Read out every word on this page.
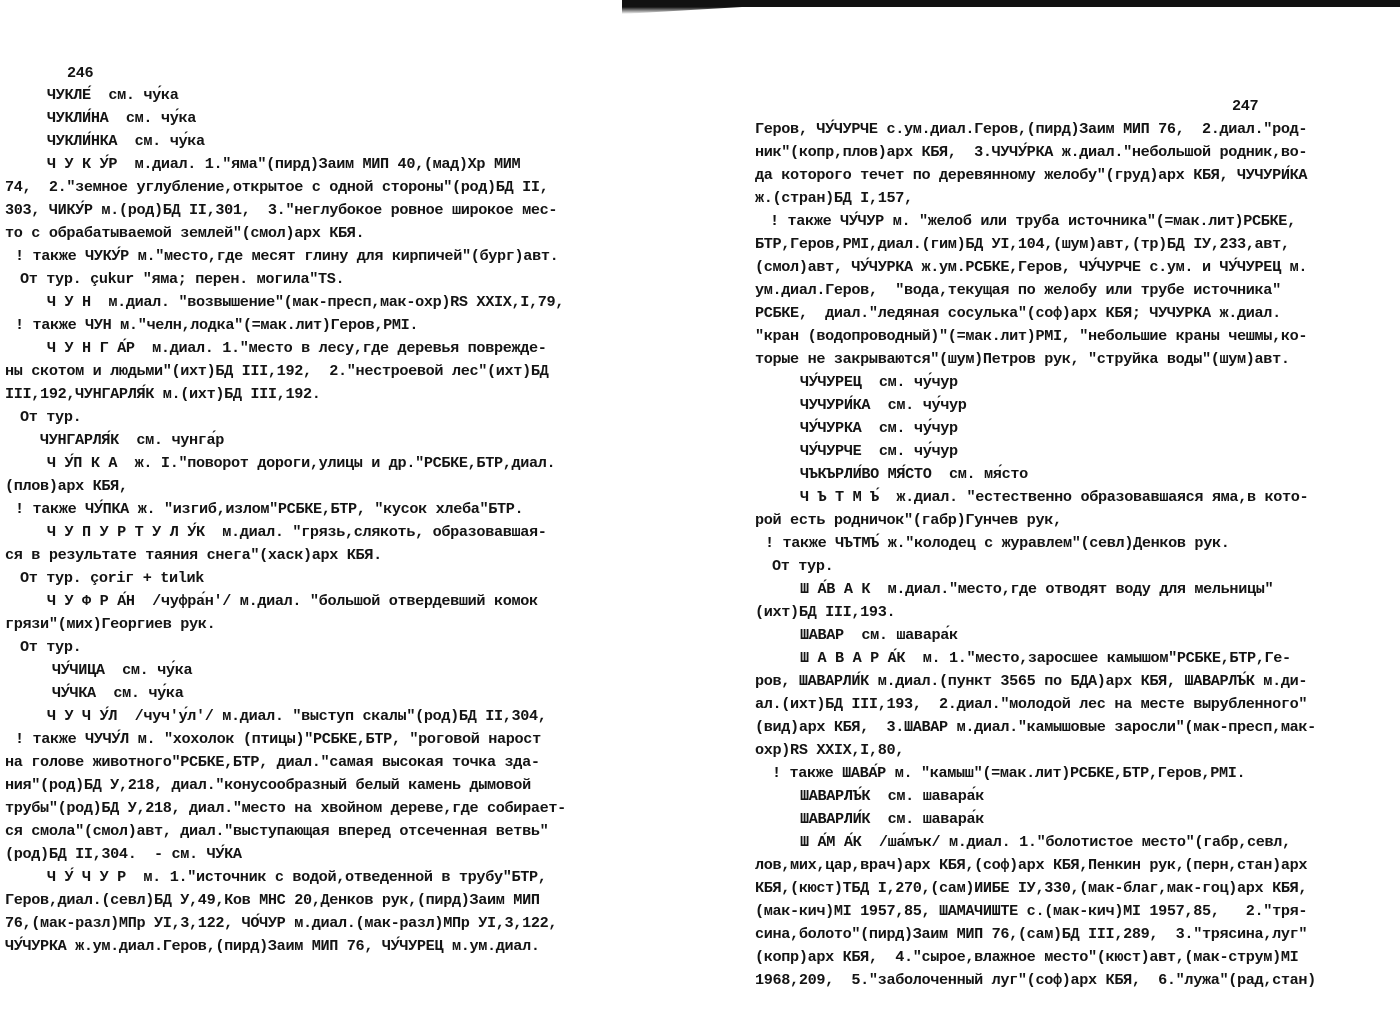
246

ЧУКЛЕ́  см. чу́ка

ЧУКЛИ́НА  см. чу́ка

ЧУКЛИ́НКА  см. чу́ка

Ч У К У́Р  м.диал. 1."яма"(пирд)Заим МИП 40,(мад)Хр МИМ

74,  2."земное углубление,открытое с одной стороны"(род)БД II,

303, ЧИКУ́Р м.(род)БД II,301,  3."неглубокое ровное широкое мес-

то с обрабатываемой землей"(смол)арх КБЯ.

! также ЧУКУ́Р м."место,где месят глину для кирпичей"(бург)авт.

От тур. çukur "яма; перен. могила"TS.

Ч У Н  м.диал. "возвышение"(мак-пресп,мак-охр)RS XXIX,I,79,

! также ЧУН м."челн,лодка"(=мак.лит)Геров,РМI.

Ч У Н Г А́Р  м.диал. 1."место в лесу,где деревья поврежде-

ны скотом и людьми"(ихт)БД III,192,  2."нестроевой лес"(ихт)БД

III,192,ЧУНГАРЛЯ́К м.(ихт)БД III,192.

От тур.

ЧУНГАРЛЯ́К  см. чунга́р

Ч У́П К А  ж. I."поворот дороги,улицы и др."РСБКЕ,БТР,диал.

(плов)арх КБЯ,

! также ЧУ́ПКА ж. "изгиб,излом"РСБКЕ,БТР, "кусок хлеба"БТР.

Ч У П У Р Т У Л У́К  м.диал. "грязь,слякоть, образовавшая-

ся в результате таяния снега"(хаск)арх КБЯ.

От тур. çoriг + tиlиk

Ч У Ф Р А́Н  /чуфра́н'/ м.диал. "большой отвердевший комок

грязи"(мих)Георгиев рук.

От тур.

ЧУ́ЧИЦА  см. чу́ка

ЧУ́ЧКА  см. чу́ка

Ч У Ч У́Л  /чуч'у́л'/ м.диал. "выступ скалы"(род)БД II,304,

! также ЧУЧУ́Л м. "хохолок (птицы)"РСБКЕ,БТР, "роговой нарост

на голове животного"РСБКЕ,БТР, диал."самая высокая точка зда-

ния"(род)БД У,218, диал."конусообразный белый камень дымовой

трубы"(род)БД У,218, диал."место на хвойном дереве,где собирает-

ся смола"(смол)авт, диал."выступающая вперед отсеченная ветвь"

(род)БД II,304.  - см. ЧУ́КА

Ч У́ Ч У Р  м. 1."источник с водой,отведенной в трубу"БТР,

Геров,диал.(севл)БД У,49,Ков МНС 20,Денков рук,(пирд)Заим МИП

76,(мак-разл)МПр УI,3,122, ЧО́ЧУР м.диал.(мак-разл)МПр УI,3,122,

ЧУ́ЧУРКА ж.ум.диал.Геров,(пирд)Заим МИП 76, ЧУ́ЧУРЕЦ м.ум.диал.

247

Геров, ЧУ́ЧУРЧЕ с.ум.диал.Геров,(пирд)Заим МИП 76,  2.диал."род-

ник"(копр,плов)арх КБЯ,  3.ЧУЧУ́РКА ж.диал."небольшой родник,во-

да которого течет по деревянному желобу"(груд)арх КБЯ, ЧУЧУРИ́КА

ж.(стран)БД I,157,

! также ЧУ́ЧУР м. "желоб или труба источника"(=мак.лит)РСБКЕ,

БТР,Геров,РМI,диал.(гим)БД УI,104,(шум)авт,(тр)БД IУ,233,авт,

(смол)авт, ЧУ́ЧУРКА ж.ум.РСБКЕ,Геров, ЧУ́ЧУРЧЕ с.ум. и ЧУ́ЧУРЕЦ м.

ум.диал.Геров,  "вода,текущая по желобу или трубе источника"

РСБКЕ,  диал."ледяная сосулька"(соф)арх КБЯ; ЧУЧУРКА ж.диал.

"кран (водопроводный)"(=мак.лит)РМI, "небольшие краны чешмы,ко-

торые не закрываются"(шум)Петров рук, "струйка воды"(шум)авт.

ЧУ́ЧУРЕЦ  см. чу́чур

ЧУЧУРИ́КА  см. чу́чур

ЧУ́ЧУРКА  см. чу́чур

ЧУ́ЧУРЧЕ  см. чу́чур

ЧЪКЪРЛИ́ВО МЯ́СТО  см. мя́сто

Ч Ъ Т М Ъ́  ж.диал. "естественно образовавшаяся яма,в кото-

рой есть родничок"(габр)Гунчев рук,

! также ЧЪТМЪ́ ж."колодец с журавлем"(севл)Денков рук.

От тур.

Ш А́В А К  м.диал."место,где отводят воду для мельницы"

(ихт)БД III,193.

ШАВАР  см. шавара́к

Ш А В А Р А́К  м. 1."место,заросшее камышом"РСБКЕ,БТР,Ге-

ров, ШАВАРЛИ́К м.диал.(пункт 3565 по БДА)арх КБЯ, ШАВАРЛЪ́К м.ди-

ал.(ихт)БД III,193,  2.диал."молодой лес на месте вырубленного"

(вид)арх КБЯ,  3.ШАВАР м.диал."камышовые заросли"(мак-пресп,мак-

охр)RS XXIX,I,80,

! также ШАВА́Р м. "камыш"(=мак.лит)РСБКЕ,БТР,Геров,РМI.

ШАВАРЛЪ́К  см. шавара́к

ШАВАРЛИ́К  см. шавара́к

Ш А́М А́К  /ша́мък/ м.диал. 1."болотистое место"(габр,севл,

лов,мих,цар,врач)арх КБЯ,(соф)арх КБЯ,Пенкин рук,(перн,стан)арх

КБЯ,(кюст)ТБД I,270,(сам)ИИБЕ IУ,330,(мак-благ,мак-гоц)арх КБЯ,

(мак-кич)МI 1957,85, ШАМАЧИШТЕ с.(мак-кич)МI 1957,85,   2."тря-

сина,болото"(пирд)Заим МИП 76,(сам)БД III,289,  3."трясина,луг"

(копр)арх КБЯ,  4."сырое,влажное место"(кюст)авт,(мак-струм)МI

1968,209,  5."заболоченный луг"(соф)арх КБЯ,  6."лужа"(рад,стан)
